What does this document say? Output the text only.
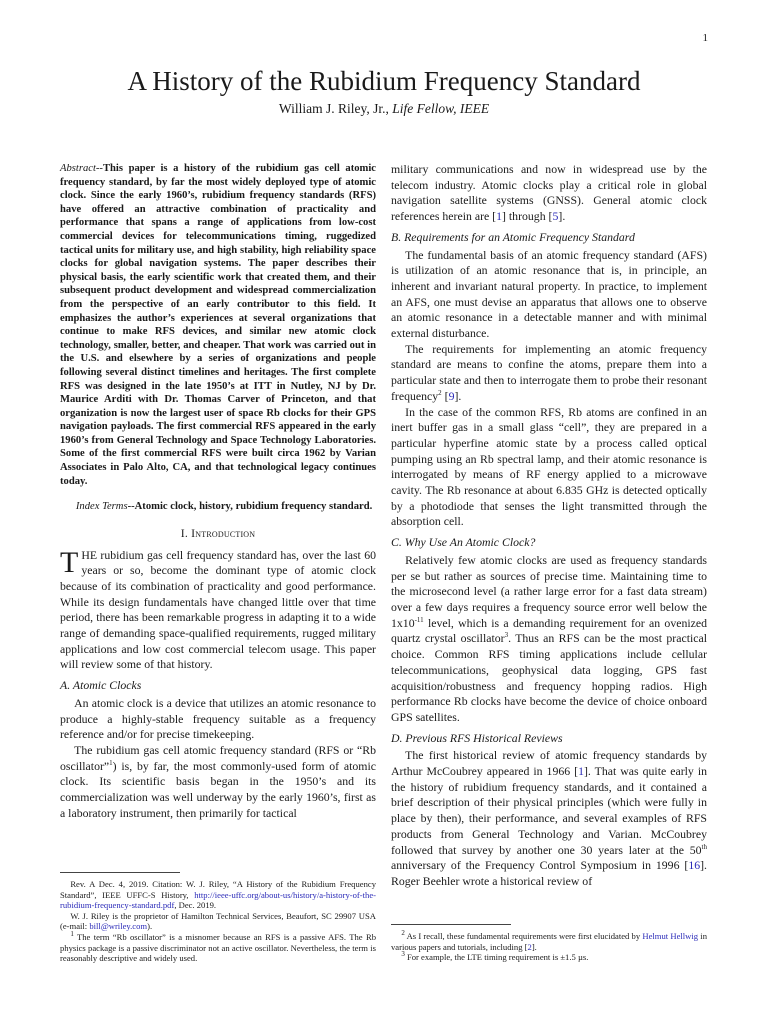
1
A History of the Rubidium Frequency Standard
William J. Riley, Jr., Life Fellow, IEEE

Abstract--This paper is a history of the rubidium gas cell atomic frequency standard, by far the most widely deployed type of atomic clock. Since the early 1960’s, rubidium frequency standards (RFS) have offered an attractive combination of practicality and performance that spans a range of applications from low-cost commercial devices for telecommunications timing, ruggedized tactical units for military use, and high stability, high reliability space clocks for global navigation systems. The paper describes their physical basis, the early scientific work that created them, and their subsequent product development and widespread commercialization from the perspective of an early contributor to this field. It emphasizes the author’s experiences at several organizations that continue to make RFS devices, and similar new atomic clock technology, smaller, better, and cheaper. That work was carried out in the U.S. and elsewhere by a series of organizations and people following several distinct timelines and heritages. The first complete RFS was designed in the late 1950’s at ITT in Nutley, NJ by Dr. Maurice Arditi with Dr. Thomas Carver of Princeton, and that organization is now the largest user of space Rb clocks for their GPS navigation payloads. The first commercial RFS appeared in the early 1960’s from General Technology and Space Technology Laboratories. Some of the first commercial RFS were built circa 1962 by Varian Associates in Palo Alto, CA, and that technological legacy continues today.

Index Terms--Atomic clock, history, rubidium frequency standard.

I. Introduction

THE rubidium gas cell frequency standard has, over the last 60 years or so, become the dominant type of atomic clock because of its combination of practicality and good performance. While its design fundamentals have changed little over that time period, there has been remarkable progress in adapting it to a wide range of demanding space-qualified requirements, rugged military applications and low cost commercial telecom usage. This paper will review some of that history.

A. Atomic Clocks

An atomic clock is a device that utilizes an atomic resonance to produce a highly-stable frequency suitable as a frequency reference and/or for precise timekeeping.

The rubidium gas cell atomic frequency standard (RFS or “Rb oscillator”$^1$) is, by far, the most commonly-used form of atomic clock. Its scientific basis began in the 1950’s and its commercialization was well underway by the early 1960’s, first as a laboratory instrument, then primarily for tactical

Rev. A Dec. 4, 2019. Citation: W. J. Riley, “A History of the Rubidium Frequency Standard”, IEEE UFFC-S History, http://ieee-uffc.org/about-us/history/a-history-of-the-rubidium-frequency-standard.pdf, Dec. 2019.

W. J. Riley is the proprietor of Hamilton Technical Services, Beaufort, SC 29907 USA (e-mail: bill@wriley.com).

$^1$ The term “Rb oscillator” is a misnomer because an RFS is a passive AFS. The Rb physics package is a passive discriminator not an active oscillator. Nevertheless, the term is reasonably descriptive and widely used.

military communications and now in widespread use by the telecom industry. Atomic clocks play a critical role in global navigation satellite systems (GNSS). General atomic clock references herein are [1] through [5].

B. Requirements for an Atomic Frequency Standard

The fundamental basis of an atomic frequency standard (AFS) is utilization of an atomic resonance that is, in principle, an inherent and invariant natural property. In practice, to implement an AFS, one must devise an apparatus that allows one to observe an atomic resonance in a detectable manner and with minimal external disturbance.

The requirements for implementing an atomic frequency standard are means to confine the atoms, prepare them into a particular state and then to interrogate them to probe their resonant frequency$^2$ [9].

In the case of the common RFS, Rb atoms are confined in an inert buffer gas in a small glass “cell”, they are prepared in a particular hyperfine atomic state by a process called optical pumping using an Rb spectral lamp, and their atomic resonance is interrogated by means of RF energy applied to a microwave cavity. The Rb resonance at about 6.835 GHz is detected optically by a photodiode that senses the light transmitted through the absorption cell.

C. Why Use An Atomic Clock?

Relatively few atomic clocks are used as frequency standards per se but rather as sources of precise time. Maintaining time to the microsecond level (a rather large error for a fast data stream) over a few days requires a frequency source error well below the $1x10^{-11}$ level, which is a demanding requirement for an ovenized quartz crystal oscillator$^3$. Thus an RFS can be the most practical choice. Common RFS timing applications include cellular telecommunications, geophysical data logging, GPS fast acquisition/robustness and frequency hopping radios. High performance Rb clocks have become the device of choice onboard GPS satellites.

D. Previous RFS Historical Reviews

The first historical review of atomic frequency standards by Arthur McCoubrey appeared in 1966 [1]. That was quite early in the history of rubidium frequency standards, and it contained a brief description of their physical principles (which were fully in place by then), their performance, and several examples of RFS products from General Technology and Varian. McCoubrey followed that survey by another one 30 years later at the 50th anniversary of the Frequency Control Symposium in 1996 [16]. Roger Beehler wrote a historical review of

$^2$ As I recall, these fundamental requirements were first elucidated by Helmut Hellwig in various papers and tutorials, including [2].

$^3$ For example, the LTE timing requirement is ±1.5 µs.
